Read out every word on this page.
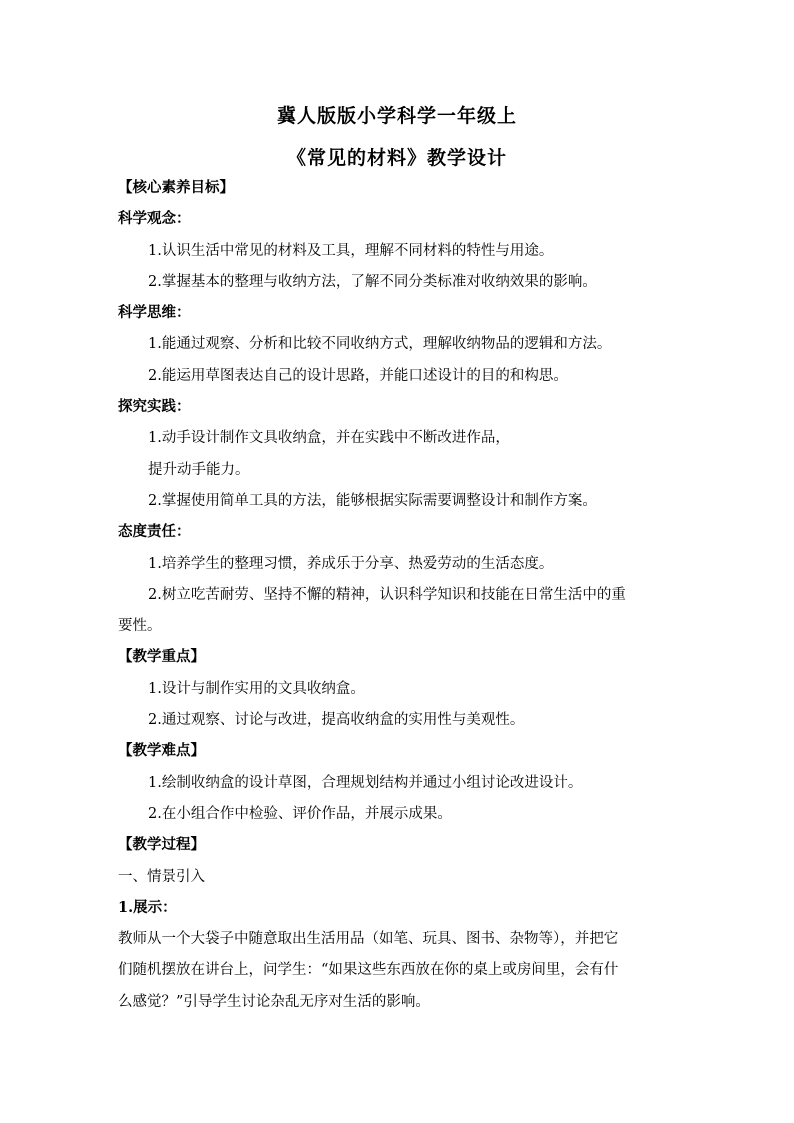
冀人版版小学科学一年级上
《常见的材料》教学设计
【核心素养目标】
科学观念：
1.认识生活中常见的材料及工具，理解不同材料的特性与用途。
2.掌握基本的整理与收纳方法，了解不同分类标准对收纳效果的影响。
科学思维：
1.能通过观察、分析和比较不同收纳方式，理解收纳物品的逻辑和方法。
2.能运用草图表达自己的设计思路，并能口述设计的目的和构思。
探究实践：
1.动手设计制作文具收纳盒，并在实践中不断改进作品，
提升动手能力。
2.掌握使用简单工具的方法，能够根据实际需要调整设计和制作方案。
态度责任：
1.培养学生的整理习惯，养成乐于分享、热爱劳动的生活态度。
2.树立吃苦耐劳、坚持不懈的精神，认识科学知识和技能在日常生活中的重
要性。
【教学重点】
1.设计与制作实用的文具收纳盒。
2.通过观察、讨论与改进，提高收纳盒的实用性与美观性。
【教学难点】
1.绘制收纳盒的设计草图，合理规划结构并通过小组讨论改进设计。
2.在小组合作中检验、评价作品，并展示成果。
【教学过程】
一、情景引入
1.展示：
教师从一个大袋子中随意取出生活用品（如笔、玩具、图书、杂物等），并把它
们随机摆放在讲台上，问学生：“如果这些东西放在你的桌上或房间里，会有什
么感觉？”引导学生讨论杂乱无序对生活的影响。
